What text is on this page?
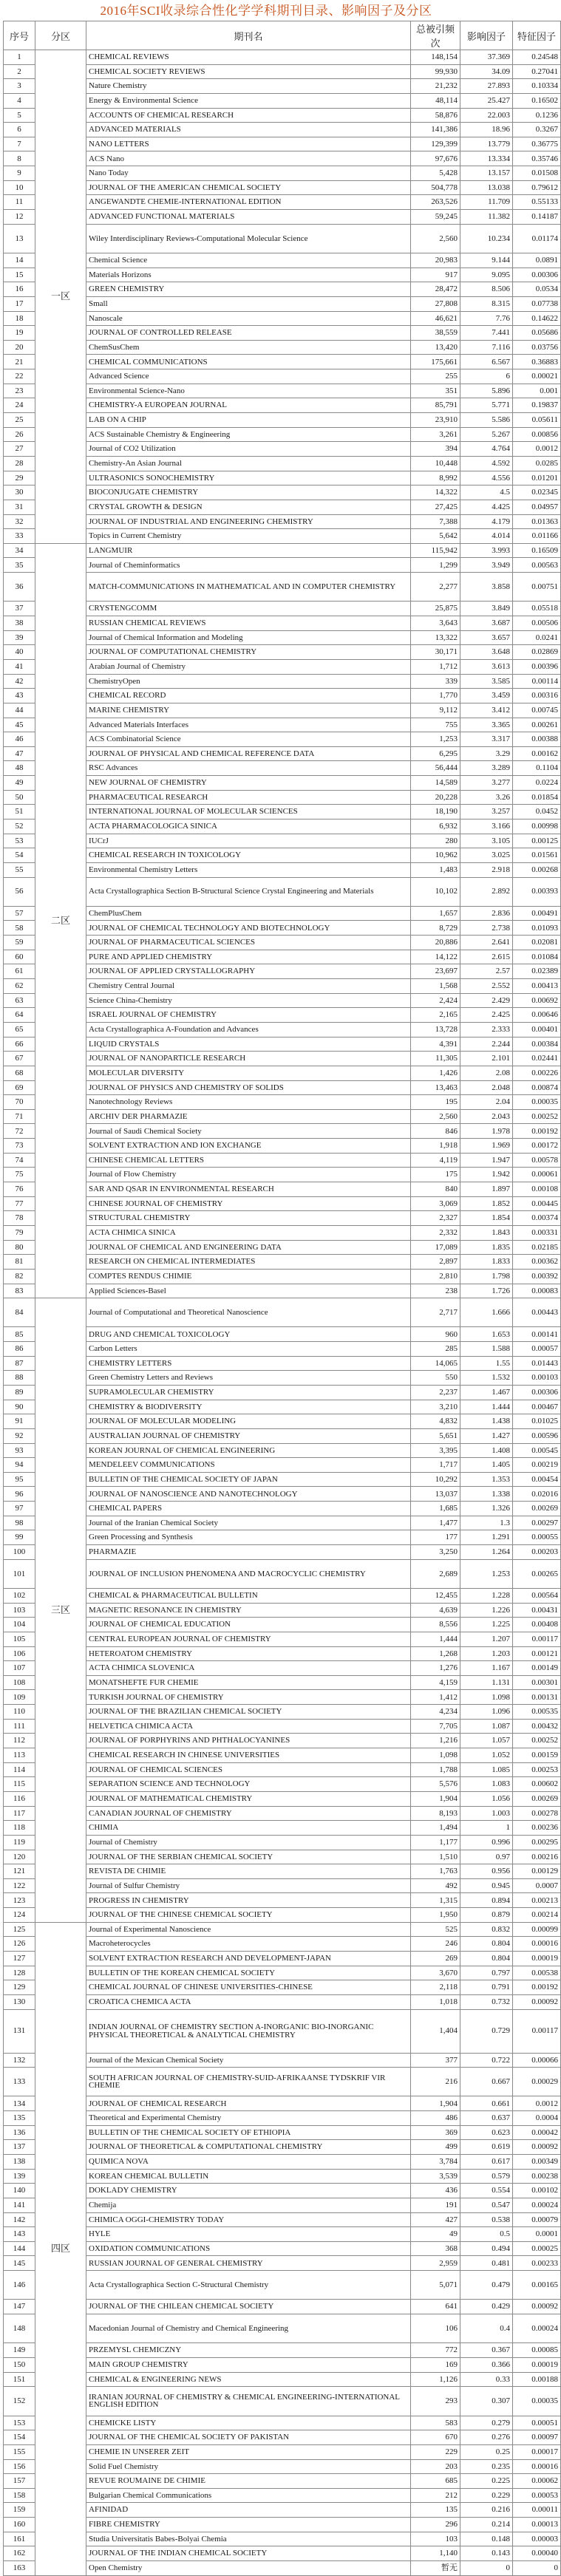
2016年SCI收录综合性化学学科期刊目录、影响因子及分区
序号	分区	期刊名	总被引频次	影响因子	特征因子
1	一区	CHEMICAL REVIEWS	148,154	37.369	0.24548
2		CHEMICAL SOCIETY REVIEWS	99,930	34.09	0.27041
3		Nature Chemistry	21,232	27.893	0.10334
4		Energy & Environmental Science	48,114	25.427	0.16502
5		ACCOUNTS OF CHEMICAL RESEARCH	58,876	22.003	0.1236
6		ADVANCED MATERIALS	141,386	18.96	0.3267
7		NANO LETTERS	129,399	13.779	0.36775
8		ACS Nano	97,676	13.334	0.35746
9		Nano Today	5,428	13.157	0.01508
10		JOURNAL OF THE AMERICAN CHEMICAL SOCIETY	504,778	13.038	0.79612
11		ANGEWANDTE CHEMIE-INTERNATIONAL EDITION	263,526	11.709	0.55133
12		ADVANCED FUNCTIONAL MATERIALS	59,245	11.382	0.14187
13		Wiley Interdisciplinary Reviews-Computational Molecular Science	2,560	10.234	0.01174
14		Chemical Science	20,983	9.144	0.0891
15		Materials Horizons	917	9.095	0.00306
16		GREEN CHEMISTRY	28,472	8.506	0.0534
17		Small	27,808	8.315	0.07738
18		Nanoscale	46,621	7.76	0.14622
19		JOURNAL OF CONTROLLED RELEASE	38,559	7.441	0.05686
20		ChemSusChem	13,420	7.116	0.03756
21		CHEMICAL COMMUNICATIONS	175,661	6.567	0.36883
22		Advanced Science	255	6	0.00021
23		Environmental Science-Nano	351	5.896	0.001
24		CHEMISTRY-A EUROPEAN JOURNAL	85,791	5.771	0.19837
25		LAB ON A CHIP	23,910	5.586	0.05611
26		ACS Sustainable Chemistry & Engineering	3,261	5.267	0.00856
27		Journal of CO2 Utilization	394	4.764	0.0012
28		Chemistry-An Asian Journal	10,448	4.592	0.0285
29		ULTRASONICS SONOCHEMISTRY	8,992	4.556	0.01201
30		BIOCONJUGATE CHEMISTRY	14,322	4.5	0.02345
31		CRYSTAL GROWTH & DESIGN	27,425	4.425	0.04957
32		JOURNAL OF INDUSTRIAL AND ENGINEERING CHEMISTRY	7,388	4.179	0.01363
33		Topics in Current Chemistry	5,642	4.014	0.01166
34	二区	LANGMUIR	115,942	3.993	0.16509
35		Journal of Cheminformatics	1,299	3.949	0.00563
36		MATCH-COMMUNICATIONS IN MATHEMATICAL AND IN COMPUTER CHEMISTRY	2,277	3.858	0.00751
37		CRYSTENGCOMM	25,875	3.849	0.05518
38		RUSSIAN CHEMICAL REVIEWS	3,643	3.687	0.00506
39		Journal of Chemical Information and Modeling	13,322	3.657	0.0241
40		JOURNAL OF COMPUTATIONAL CHEMISTRY	30,171	3.648	0.02869
41		Arabian Journal of Chemistry	1,712	3.613	0.00396
42		ChemistryOpen	339	3.585	0.00114
43		CHEMICAL RECORD	1,770	3.459	0.00316
44		MARINE CHEMISTRY	9,112	3.412	0.00745
45		Advanced Materials Interfaces	755	3.365	0.00261
46		ACS Combinatorial Science	1,253	3.317	0.00388
47		JOURNAL OF PHYSICAL AND CHEMICAL REFERENCE DATA	6,295	3.29	0.00162
48		RSC Advances	56,444	3.289	0.1104
49		NEW JOURNAL OF CHEMISTRY	14,589	3.277	0.0224
50		PHARMACEUTICAL RESEARCH	20,228	3.26	0.01854
51		INTERNATIONAL JOURNAL OF MOLECULAR SCIENCES	18,190	3.257	0.0452
52		ACTA PHARMACOLOGICA SINICA	6,932	3.166	0.00998
53		IUCrJ	280	3.105	0.00125
54		CHEMICAL RESEARCH IN TOXICOLOGY	10,962	3.025	0.01561
55		Environmental Chemistry Letters	1,483	2.918	0.00268
56		Acta Crystallographica Section B-Structural Science Crystal Engineering and Materials	10,102	2.892	0.00393
57		ChemPlusChem	1,657	2.836	0.00491
58		JOURNAL OF CHEMICAL TECHNOLOGY AND BIOTECHNOLOGY	8,729	2.738	0.01093
59		JOURNAL OF PHARMACEUTICAL SCIENCES	20,886	2.641	0.02081
60		PURE AND APPLIED CHEMISTRY	14,122	2.615	0.01084
61		JOURNAL OF APPLIED CRYSTALLOGRAPHY	23,697	2.57	0.02389
62		Chemistry Central Journal	1,568	2.552	0.00413
63		Science China-Chemistry	2,424	2.429	0.00692
64		ISRAEL JOURNAL OF CHEMISTRY	2,165	2.425	0.00646
65		Acta Crystallographica A-Foundation and Advances	13,728	2.333	0.00401
66		LIQUID CRYSTALS	4,391	2.244	0.00384
67		JOURNAL OF NANOPARTICLE RESEARCH	11,305	2.101	0.02441
68		MOLECULAR DIVERSITY	1,426	2.08	0.00226
69		JOURNAL OF PHYSICS AND CHEMISTRY OF SOLIDS	13,463	2.048	0.00874
70		Nanotechnology Reviews	195	2.04	0.00035
71		ARCHIV DER PHARMAZIE	2,560	2.043	0.00252
72		Journal of Saudi Chemical Society	846	1.978	0.00192
73		SOLVENT EXTRACTION AND ION EXCHANGE	1,918	1.969	0.00172
74		CHINESE CHEMICAL LETTERS	4,119	1.947	0.00578
75		Journal of Flow Chemistry	175	1.942	0.00061
76		SAR AND QSAR IN ENVIRONMENTAL RESEARCH	840	1.897	0.00108
77		CHINESE JOURNAL OF CHEMISTRY	3,069	1.852	0.00445
78		STRUCTURAL CHEMISTRY	2,327	1.854	0.00374
79		ACTA CHIMICA SINICA	2,332	1.843	0.00331
80		JOURNAL OF CHEMICAL AND ENGINEERING DATA	17,089	1.835	0.02185
81		RESEARCH ON CHEMICAL INTERMEDIATES	2,897	1.833	0.00362
82		COMPTES RENDUS CHIMIE	2,810	1.798	0.00392
83		Applied Sciences-Basel	238	1.726	0.00083
84	三区	Journal of Computational and Theoretical Nanoscience	2,717	1.666	0.00443
85		DRUG AND CHEMICAL TOXICOLOGY	960	1.653	0.00141
86		Carbon Letters	285	1.588	0.00057
87		CHEMISTRY LETTERS	14,065	1.55	0.01443
88		Green Chemistry Letters and Reviews	550	1.532	0.00103
89		SUPRAMOLECULAR CHEMISTRY	2,237	1.467	0.00306
90		CHEMISTRY & BIODIVERSITY	3,210	1.444	0.00467
91		JOURNAL OF MOLECULAR MODELING	4,832	1.438	0.01025
92		AUSTRALIAN JOURNAL OF CHEMISTRY	5,651	1.427	0.00596
93		KOREAN JOURNAL OF CHEMICAL ENGINEERING	3,395	1.408	0.00545
94		MENDELEEV COMMUNICATIONS	1,717	1.405	0.00219
95		BULLETIN OF THE CHEMICAL SOCIETY OF JAPAN	10,292	1.353	0.00454
96		JOURNAL OF NANOSCIENCE AND NANOTECHNOLOGY	13,037	1.338	0.02016
97		CHEMICAL PAPERS	1,685	1.326	0.00269
98		Journal of the Iranian Chemical Society	1,477	1.3	0.00297
99		Green Processing and Synthesis	177	1.291	0.00055
100		PHARMAZIE	3,250	1.264	0.00203
101		JOURNAL OF INCLUSION PHENOMENA AND MACROCYCLIC CHEMISTRY	2,689	1.253	0.00265
102		CHEMICAL & PHARMACEUTICAL BULLETIN	12,455	1.228	0.00564
103		MAGNETIC RESONANCE IN CHEMISTRY	4,639	1.226	0.00431
104		JOURNAL OF CHEMICAL EDUCATION	8,556	1.225	0.00408
105		CENTRAL EUROPEAN JOURNAL OF CHEMISTRY	1,444	1.207	0.00117
106		HETEROATOM CHEMISTRY	1,268	1.203	0.00121
107		ACTA CHIMICA SLOVENICA	1,276	1.167	0.00149
108		MONATSHEFTE FUR CHEMIE	4,159	1.131	0.00301
109		TURKISH JOURNAL OF CHEMISTRY	1,412	1.098	0.00131
110		JOURNAL OF THE BRAZILIAN CHEMICAL SOCIETY	4,234	1.096	0.00535
111		HELVETICA CHIMICA ACTA	7,705	1.087	0.00432
112		JOURNAL OF PORPHYRINS AND PHTHALOCYANINES	1,216	1.057	0.00252
113		CHEMICAL RESEARCH IN CHINESE UNIVERSITIES	1,098	1.052	0.00159
114		JOURNAL OF CHEMICAL SCIENCES	1,788	1.085	0.00253
115		SEPARATION SCIENCE AND TECHNOLOGY	5,576	1.083	0.00602
116		JOURNAL OF MATHEMATICAL CHEMISTRY	1,904	1.056	0.00269
117		CANADIAN JOURNAL OF CHEMISTRY	8,193	1.003	0.00278
118		CHIMIA	1,494	1	0.00236
119		Journal of Chemistry	1,177	0.996	0.00295
120		JOURNAL OF THE SERBIAN CHEMICAL SOCIETY	1,510	0.97	0.00216
121		REVISTA DE CHIMIE	1,763	0.956	0.00129
122		Journal of Sulfur Chemistry	492	0.945	0.0007
123		PROGRESS IN CHEMISTRY	1,315	0.894	0.00213
124		JOURNAL OF THE CHINESE CHEMICAL SOCIETY	1,950	0.879	0.00214
125	四区	Journal of Experimental Nanoscience	525	0.832	0.00099
126		Macroheterocycles	246	0.804	0.00016
127		SOLVENT EXTRACTION RESEARCH AND DEVELOPMENT-JAPAN	269	0.804	0.00019
128		BULLETIN OF THE KOREAN CHEMICAL SOCIETY	3,670	0.797	0.00538
129		CHEMICAL JOURNAL OF CHINESE UNIVERSITIES-CHINESE	2,118	0.791	0.00192
130		CROATICA CHEMICA ACTA	1,018	0.732	0.00092
131		INDIAN JOURNAL OF CHEMISTRY SECTION A-INORGANIC BIO-INORGANIC PHYSICAL THEORETICAL & ANALYTICAL CHEMISTRY	1,404	0.729	0.00117
132		Journal of the Mexican Chemical Society	377	0.722	0.00066
133		SOUTH AFRICAN JOURNAL OF CHEMISTRY-SUID-AFRIKAANSE TYDSKRIF VIR CHEMIE	216	0.667	0.00029
134		JOURNAL OF CHEMICAL RESEARCH	1,904	0.661	0.0012
135		Theoretical and Experimental Chemistry	486	0.637	0.0004
136		BULLETIN OF THE CHEMICAL SOCIETY OF ETHIOPIA	369	0.623	0.00042
137		JOURNAL OF THEORETICAL & COMPUTATIONAL CHEMISTRY	499	0.619	0.00092
138		QUIMICA NOVA	3,784	0.617	0.00349
139		KOREAN CHEMICAL BULLETIN	3,539	0.579	0.00238
140		DOKLADY CHEMISTRY	436	0.554	0.00102
141		Chemija	191	0.547	0.00024
142		CHIMICA OGGI-CHEMISTRY TODAY	427	0.538	0.00079
143		HYLE	49	0.5	0.0001
144		OXIDATION COMMUNICATIONS	368	0.494	0.00025
145		RUSSIAN JOURNAL OF GENERAL CHEMISTRY	2,959	0.481	0.00233
146		Acta Crystallographica Section C-Structural Chemistry	5,071	0.479	0.00165
147		JOURNAL OF THE CHILEAN CHEMICAL SOCIETY	641	0.429	0.00092
148		Macedonian Journal of Chemistry and Chemical Engineering	106	0.4	0.00024
149		PRZEMYSL CHEMICZNY	772	0.367	0.00085
150		MAIN GROUP CHEMISTRY	169	0.366	0.00019
151		CHEMICAL & ENGINEERING NEWS	1,126	0.33	0.00188
152		IRANIAN JOURNAL OF CHEMISTRY & CHEMICAL ENGINEERING-INTERNATIONAL ENGLISH EDITION	293	0.307	0.00035
153		CHEMICKE LISTY	583	0.279	0.00051
154		JOURNAL OF THE CHEMICAL SOCIETY OF PAKISTAN	670	0.276	0.00097
155		CHEMIE IN UNSERER ZEIT	229	0.25	0.00017
156		Solid Fuel Chemistry	203	0.235	0.00016
157		REVUE ROUMAINE DE CHIMIE	685	0.225	0.00062
158		Bulgarian Chemical Communications	212	0.229	0.00053
159		AFINIDAD	135	0.216	0.00011
160		FIBRE CHEMISTRY	296	0.214	0.00013
161		Studia Universitatis Babes-Bolyai Chemia	103	0.148	0.00003
162		JOURNAL OF THE INDIAN CHEMICAL SOCIETY	1,140	0.143	0.00040
163		Open Chemistry	暂无	0	0
